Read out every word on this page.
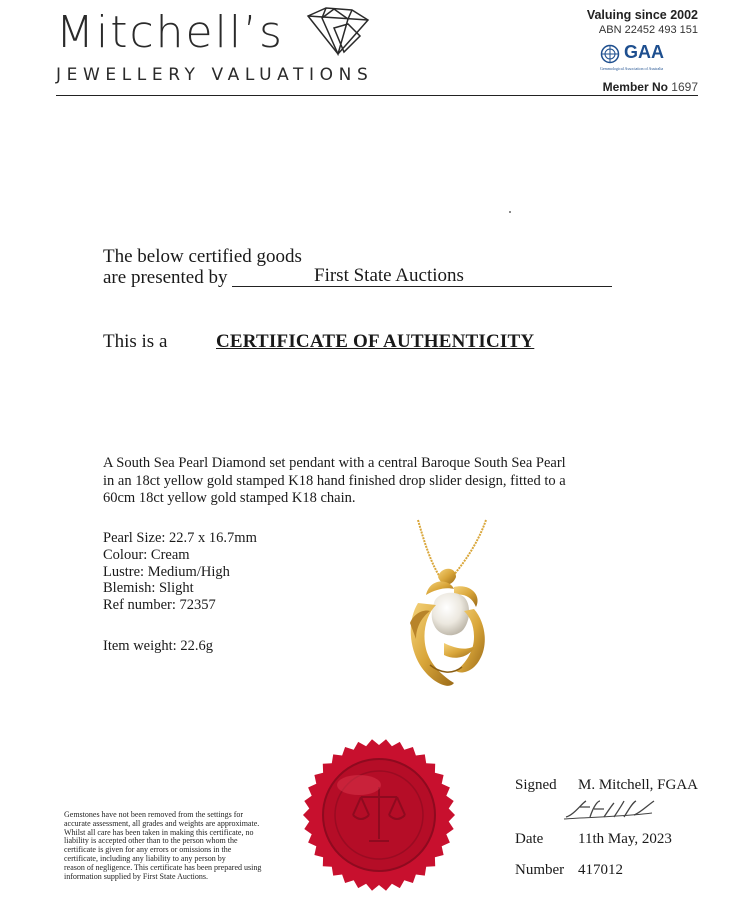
Mitchell’s
JEWELLERY VALUATIONS
Valuing since 2002
ABN 22452 493 151
GAA
Gemmological Association of Australia
Member No 1697
The below certified goods
are presented by	First State Auctions
This is a	CERTIFICATE OF AUTHENTICITY
A South Sea Pearl Diamond set pendant with a central Baroque South Sea Pearl
in an 18ct yellow gold stamped K18 hand finished drop slider design, fitted to a
60cm 18ct yellow gold stamped K18 chain.
Pearl Size: 22.7 x 16.7mm
Colour: Cream
Lustre: Medium/High
Blemish: Slight
Ref number: 72357
Item weight: 22.6g
Gemstones have not been removed from the settings for
accurate assessment, all grades and weights are approximate.
Whilst all care has been taken in making this certificate, no
liability is accepted other than to the person whom the
certificate is given for any errors or omissions in the
certificate, including any liability to any person by
reason of negligence. This certificate has been prepared using
information supplied by First State Auctions.
Signed M. Mitchell, FGAA
Date 11th May, 2023
Number 417012
